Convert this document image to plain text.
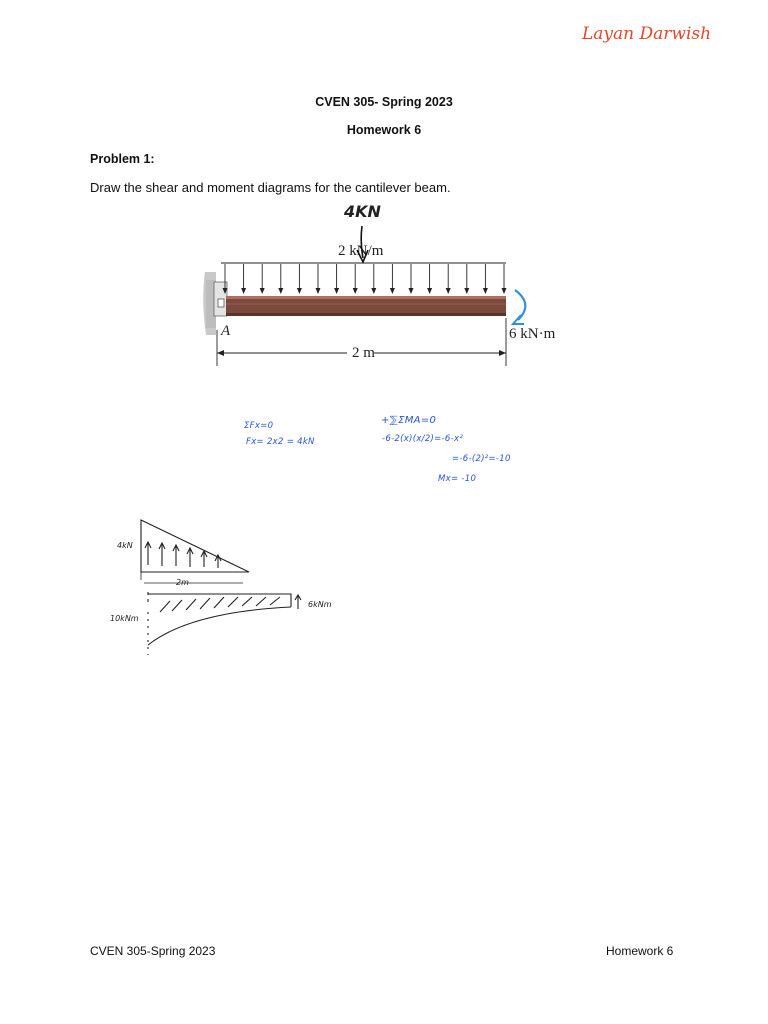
Layan Darwish
CVEN 305- Spring 2023
Homework 6
Problem 1:
Draw the shear and moment diagrams for the cantilever beam.
4KN
2 kN/m
A	6 kN·m
2 m
ΣFx=0
Fx= 2x2 = 4kN
+⅀ΣMA=0
-6-2(x)(x/2)=-6-x²
=-6-(2)²=-10
Mx= -10
4kN
2m
10kNm
6kNm
CVEN 305-Spring 2023	Homework 6
